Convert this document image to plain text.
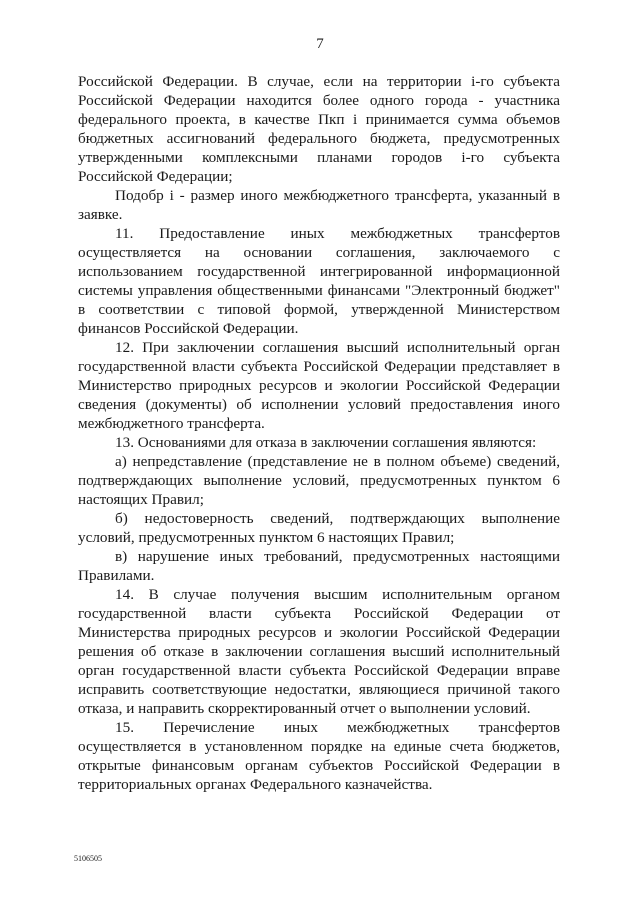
7

Российской Федерации. В случае, если на территории i-го субъекта Российской Федерации находится более одного города - участника федерального проекта, в качестве Пкп i принимается сумма объемов бюджетных ассигнований федерального бюджета, предусмотренных утвержденными комплексными планами городов i-го субъекта Российской Федерации;

Подобр i - размер иного межбюджетного трансферта, указанный в заявке.

11. Предоставление иных межбюджетных трансфертов осуществляется на основании соглашения, заключаемого с использованием государственной интегрированной информационной системы управления общественными финансами "Электронный бюджет" в соответствии с типовой формой, утвержденной Министерством финансов Российской Федерации.

12. При заключении соглашения высший исполнительный орган государственной власти субъекта Российской Федерации представляет в Министерство природных ресурсов и экологии Российской Федерации сведения (документы) об исполнении условий предоставления иного межбюджетного трансферта.

13. Основаниями для отказа в заключении соглашения являются:

а) непредставление (представление не в полном объеме) сведений, подтверждающих выполнение условий, предусмотренных пунктом 6 настоящих Правил;

б) недостоверность сведений, подтверждающих выполнение условий, предусмотренных пунктом 6 настоящих Правил;

в) нарушение иных требований, предусмотренных настоящими Правилами.

14. В случае получения высшим исполнительным органом государственной власти субъекта Российской Федерации от Министерства природных ресурсов и экологии Российской Федерации решения об отказе в заключении соглашения высший исполнительный орган государственной власти субъекта Российской Федерации вправе исправить соответствующие недостатки, являющиеся причиной такого отказа, и направить скорректированный отчет о выполнении условий.

15. Перечисление иных межбюджетных трансфертов осуществляется в установленном порядке на единые счета бюджетов, открытые финансовым органам субъектов Российской Федерации в территориальных органах Федерального казначейства.

5106505
